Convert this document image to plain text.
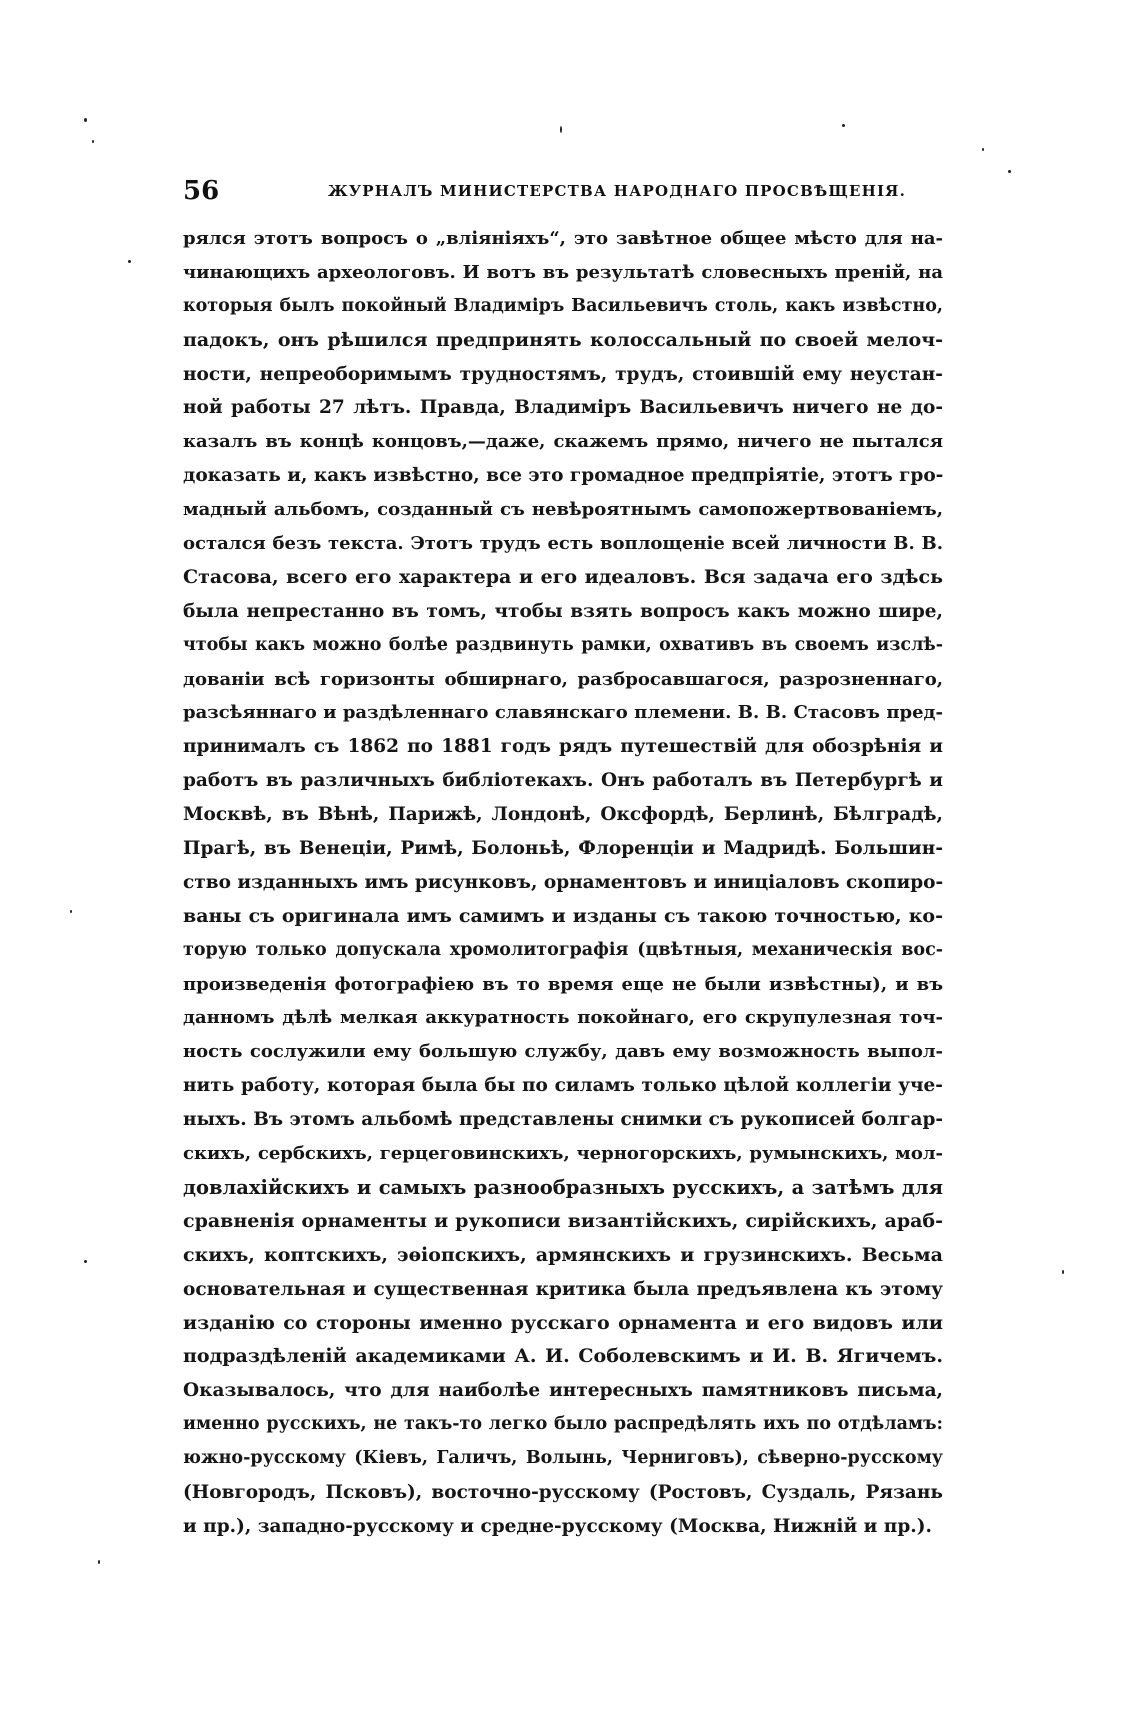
56	ЖУРНАЛЪ МИНИСТЕРСТВА НАРОДНАГО ПРОСВѢЩЕНІЯ.
рялся этотъ вопросъ о „вліяніяхъ“, это завѣтное общее мѣсто для на-
чинающихъ археологовъ. И вотъ въ результатѣ словесныхъ преній, на
которыя былъ покойный Владиміръ Васильевичъ столь, какъ извѣстно,
падокъ, онъ рѣшился предпринять колоссальный по своей мелоч-
ности, непреоборимымъ трудностямъ, трудъ, стоившій ему неустан-
ной работы 27 лѣтъ. Правда, Владиміръ Васильевичъ ничего не до-
казалъ въ концѣ концовъ,—даже, скажемъ прямо, ничего не пытался
доказать и, какъ извѣстно, все это громадное предпріятіе, этотъ гро-
мадный альбомъ, созданный съ невѣроятнымъ самопожертвованіемъ,
остался безъ текста. Этотъ трудъ есть воплощеніе всей личности В. В.
Стасова, всего его характера и его идеаловъ. Вся задача его здѣсь
была непрестанно въ томъ, чтобы взять вопросъ какъ можно шире,
чтобы какъ можно болѣе раздвинуть рамки, охвативъ въ своемъ изслѣ-
дованіи всѣ горизонты обширнаго, разбросавшагося, разрозненнаго,
разсѣяннаго и раздѣленнаго славянскаго племени. В. В. Стасовъ пред-
принималъ съ 1862 по 1881 годъ рядъ путешествій для обозрѣнія и
работъ въ различныхъ библіотекахъ. Онъ работалъ въ Петербургѣ и
Москвѣ, въ Вѣнѣ, Парижѣ, Лондонѣ, Оксфордѣ, Берлинѣ, Бѣлградѣ,
Прагѣ, въ Венеціи, Римѣ, Болоньѣ, Флоренціи и Мадридѣ. Большин-
ство изданныхъ имъ рисунковъ, орнаментовъ и иниціаловъ скопиро-
ваны съ оригинала имъ самимъ и изданы съ такою точностью, ко-
торую только допускала хромолитографія (цвѣтныя, механическія вос-
произведенія фотографіею въ то время еще не были извѣстны), и въ
данномъ дѣлѣ мелкая аккуратность покойнаго, его скрупулезная точ-
ность сослужили ему большую службу, давъ ему возможность выпол-
нить работу, которая была бы по силамъ только цѣлой коллегіи уче-
ныхъ. Въ этомъ альбомѣ представлены снимки съ рукописей болгар-
скихъ, сербскихъ, герцеговинскихъ, черногорскихъ, румынскихъ, мол-
довлахійскихъ и самыхъ разнообразныхъ русскихъ, а затѣмъ для
сравненія орнаменты и рукописи византійскихъ, сирійскихъ, араб-
скихъ, коптскихъ, эѳіопскихъ, армянскихъ и грузинскихъ. Весьма
основательная и существенная критика была предъявлена къ этому
изданію со стороны именно русскаго орнамента и его видовъ или
подраздѣленій академиками А. И. Соболевскимъ и И. В. Ягичемъ.
Оказывалось, что для наиболѣе интересныхъ памятниковъ письма,
именно русскихъ, не такъ-то легко было распредѣлять ихъ по отдѣламъ:
южно-русскому (Кіевъ, Галичъ, Волынь, Черниговъ), сѣверно-русскому
(Новгородъ, Псковъ), восточно-русскому (Ростовъ, Суздаль, Рязань
и пр.), западно-русскому и средне-русскому (Москва, Нижній и пр.).
